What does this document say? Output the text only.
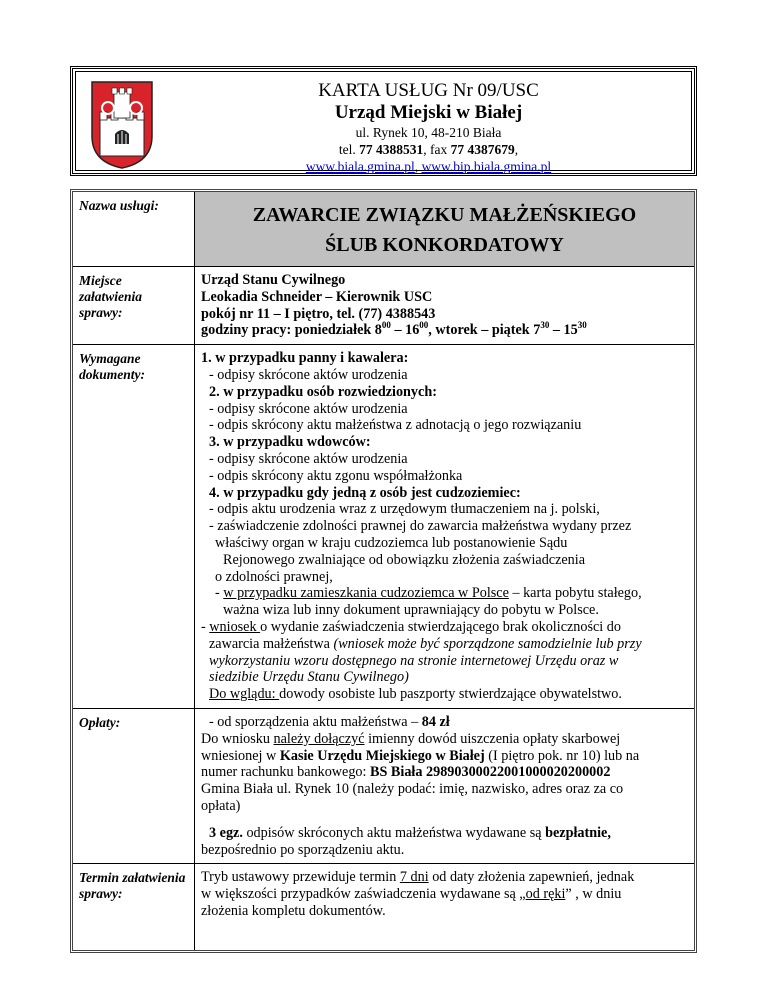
KARTA USŁUG Nr 09/USC
Urząd Miejski w Białej
ul. Rynek 10, 48-210 Biała
tel. 77 4388531, fax 77 4387679,
www.biala.gmina.pl, www.bip.biala.gmina.pl
Nazwa usługi:	ZAWARCIE ZWIĄZKU MAŁŻEŃSKIEGO
ŚLUB KONKORDATOWY
Miejsce załatwienia sprawy:
Urząd Stanu Cywilnego
Leokadia Schneider – Kierownik USC
pokój nr 11 – I piętro, tel. (77) 4388543
godziny pracy: poniedziałek $8^{00} - 16^{00}$, wtorek – piątek $7^{30} - 15^{30}$
Wymagane dokumenty:
1. w przypadku panny i kawalera:
- odpisy skrócone aktów urodzenia
2. w przypadku osób rozwiedzionych:
- odpisy skrócone aktów urodzenia
- odpis skrócony aktu małżeństwa z adnotacją o jego rozwiązaniu
3. w przypadku wdowców:
- odpisy skrócone aktów urodzenia
- odpis skrócony aktu zgonu współmałżonka
4. w przypadku gdy jedną z osób jest cudzoziemiec:
- odpis aktu urodzenia wraz z urzędowym tłumaczeniem na j. polski,
- zaświadczenie zdolności prawnej do zawarcia małżeństwa wydany przez
właściwy organ w kraju cudzoziemca lub postanowienie Sądu
Rejonowego zwalniające od obowiązku złożenia zaświadczenia
o zdolności prawnej,
- w przypadku zamieszkania cudzoziemca w Polsce – karta pobytu stałego,
ważna wiza lub inny dokument uprawniający do pobytu w Polsce.
- wniosek o wydanie zaświadczenia stwierdzającego brak okoliczności do
zawarcia małżeństwa (wniosek może być sporządzone samodzielnie lub przy
wykorzystaniu wzoru dostępnego na stronie internetowej Urzędu oraz w
siedzibie Urzędu Stanu Cywilnego)
Do wglądu: dowody osobiste lub paszporty stwierdzające obywatelstwo.
Opłaty:	- od sporządzenia aktu małżeństwa – 84 zł
Do wniosku należy dołączyć imienny dowód uiszczenia opłaty skarbowej
wniesionej w Kasie Urzędu Miejskiego w Białej (I piętro pok. nr 10) lub na
numer rachunku bankowego: BS Biała 29890300022001000020200002
Gmina Biała ul. Rynek 10 (należy podać: imię, nazwisko, adres oraz za co
opłata)
3 egz. odpisów skróconych aktu małżeństwa wydawane są bezpłatnie,
bezpośrednio po sporządzeniu aktu.
Termin załatwienia sprawy:
Tryb ustawowy przewiduje termin 7 dni od daty złożenia zapewnień, jednak
w większości przypadków zaświadczenia wydawane są „od ręki” , w dniu
złożenia kompletu dokumentów.
